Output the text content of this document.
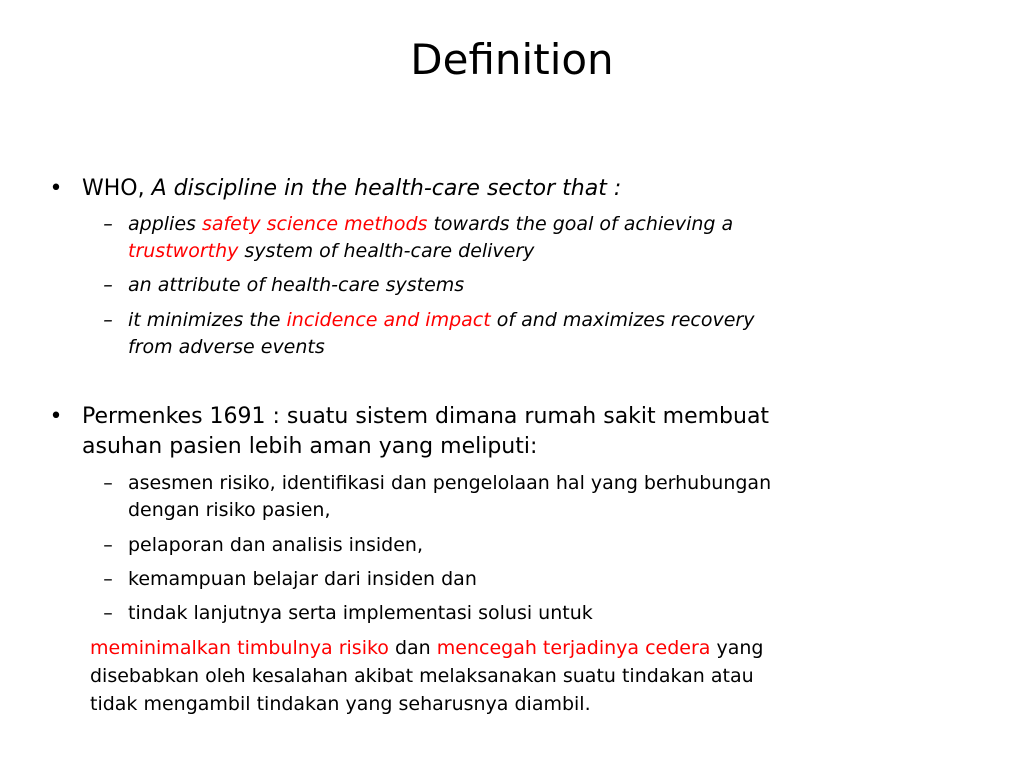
Definition
• WHO, A discipline in the health-care sector that :
– applies safety science methods towards the goal of achieving a
trustworthy system of health-care delivery
– an attribute of health-care systems
– it minimizes the incidence and impact of and maximizes recovery
from adverse events
• Permenkes 1691 : suatu sistem dimana rumah sakit membuat
asuhan pasien lebih aman yang meliputi:
– asesmen risiko, identifikasi dan pengelolaan hal yang berhubungan
dengan risiko pasien,
– pelaporan dan analisis insiden,
– kemampuan belajar dari insiden dan
– tindak lanjutnya serta implementasi solusi untuk
meminimalkan timbulnya risiko dan mencegah terjadinya cedera yang
disebabkan oleh kesalahan akibat melaksanakan suatu tindakan atau
tidak mengambil tindakan yang seharusnya diambil.
